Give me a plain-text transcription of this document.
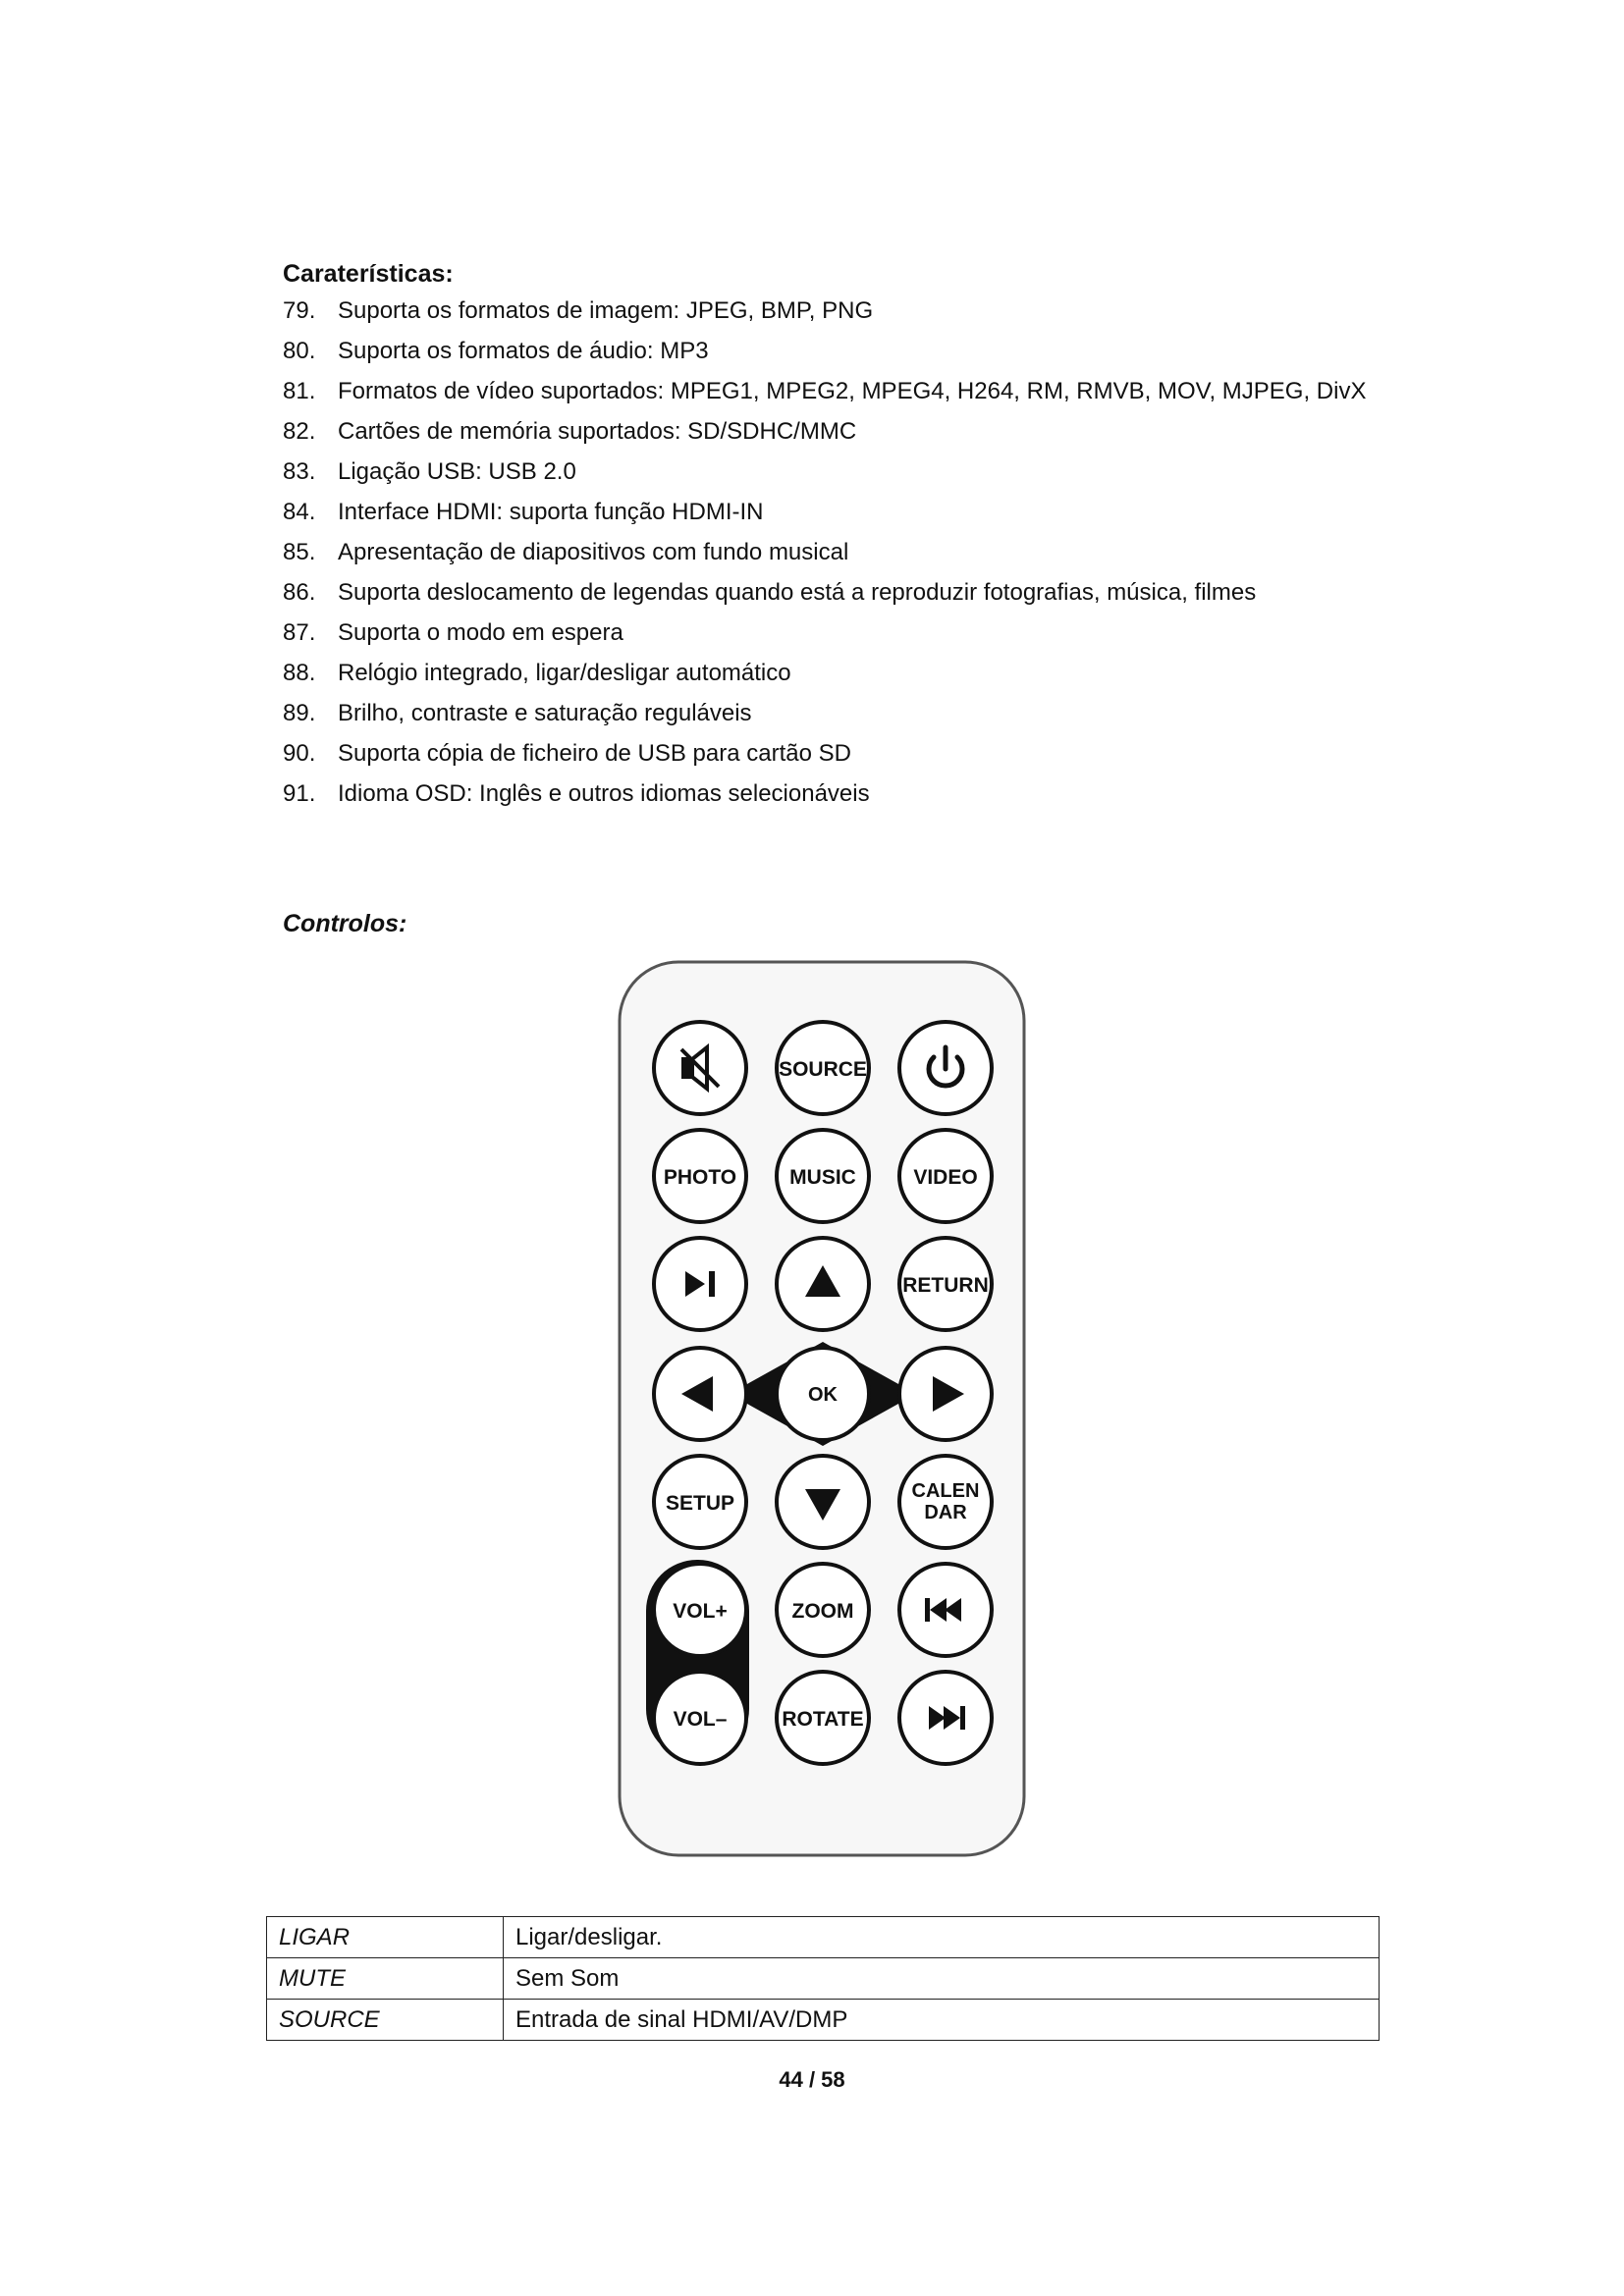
Caraterísticas:
79. Suporta os formatos de imagem: JPEG, BMP, PNG
80. Suporta os formatos de áudio: MP3
81. Formatos de vídeo suportados: MPEG1, MPEG2, MPEG4, H264, RM, RMVB, MOV, MJPEG, DivX
82. Cartões de memória suportados: SD/SDHC/MMC
83. Ligação USB: USB 2.0
84. Interface HDMI: suporta função HDMI-IN
85. Apresentação de diapositivos com fundo musical
86. Suporta deslocamento de legendas quando está a reproduzir fotografias, música, filmes
87. Suporta o modo em espera
88. Relógio integrado, ligar/desligar automático
89. Brilho, contraste e saturação reguláveis
90. Suporta cópia de ficheiro de USB para cartão SD
91. Idioma OSD: Inglês e outros idiomas selecionáveis
Controlos:
SOURCE
PHOTO	MUSIC	VIDEO
RETURN
OK
SETUP
CALEN
DAR
VOL+	ZOOM
VOL–	ROTATE
LIGAR	Ligar/desligar.
MUTE	Sem Som
SOURCE	Entrada de sinal HDMI/AV/DMP
44 / 58
